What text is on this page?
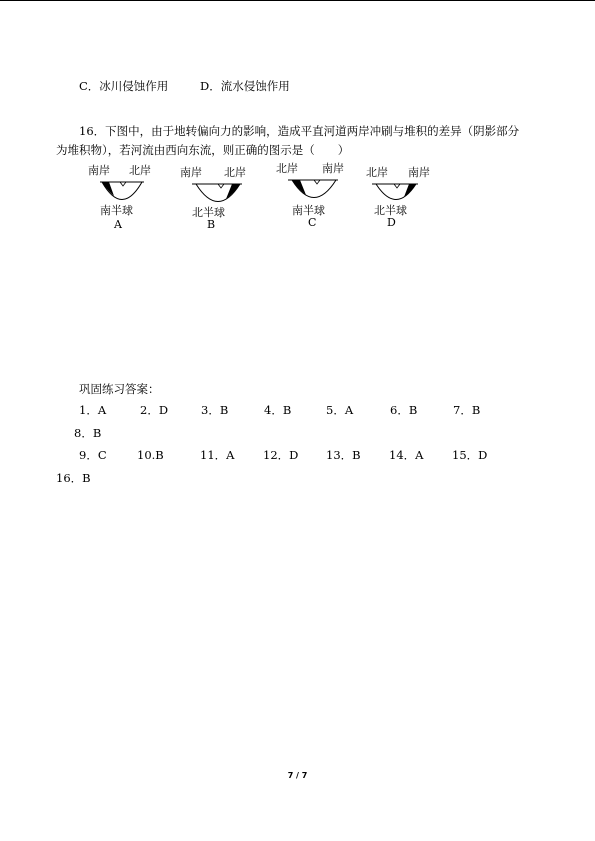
C．冰川侵蚀作用	D．流水侵蚀作用
16．下图中，由于地转偏向力的影响，造成平直河道两岸冲刷与堆积的差异（阴影部分
为堆积物），若河流由西向东流，则正确的图示是（　　）
南岸 北岸
南半球
A
南岸 北岸
北半球
B
北岸 南岸
南半球
C
北岸 南岸
北半球
D
巩固练习答案：
1．A	2．D	3．B	4．B	5．A	6．B	7．B
8．B
9．C	10.B	11．A 12．D 13．B 14．A 15．D
16．B
7 / 7
